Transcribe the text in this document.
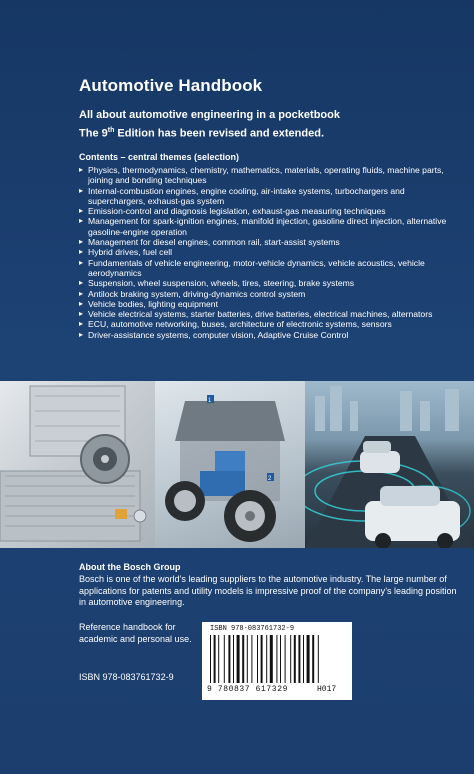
Automotive Handbook
All about automotive engineering in a pocketbook
The 9th Edition has been revised and extended.
Contents – central themes (selection)
▸ Physics, thermodynamics, chemistry, mathematics, materials, operating fluids, machine parts, joining and bonding techniques
▸ Internal-combustion engines, engine cooling, air-intake systems, turbochargers and superchargers, exhaust-gas system
▸ Emission-control and diagnosis legislation, exhaust-gas measuring techniques
▸ Management for spark-ignition engines, manifold injection, gasoline direct injection, alternative gasoline-engine operation
▸ Management for diesel engines, common rail, start-assist systems
▸ Hybrid drives, fuel cell
▸ Fundamentals of vehicle engineering, motor-vehicle dynamics, vehicle acoustics, vehicle aerodynamics
▸ Suspension, wheel suspension, wheels, tires, steering, brake systems
▸ Antilock braking system, driving-dynamics control system
▸ Vehicle bodies, lighting equipment
▸ Vehicle electrical systems, starter batteries, drive batteries, electrical machines, alternators
▸ ECU, automotive networking, buses, architecture of electronic systems, sensors
▸ Driver-assistance systems, computer vision, Adaptive Cruise Control
1
2
About the Bosch Group
Bosch is one of the world’s leading suppliers to the automotive industry. The large number of applications for patents and utility models is impressive proof of the company’s leading position in automotive engineering.
Reference handbook for academic and personal use.
ISBN 978-083761732-9
ISBN 978-083761732-9
9 780837 617329	H017
